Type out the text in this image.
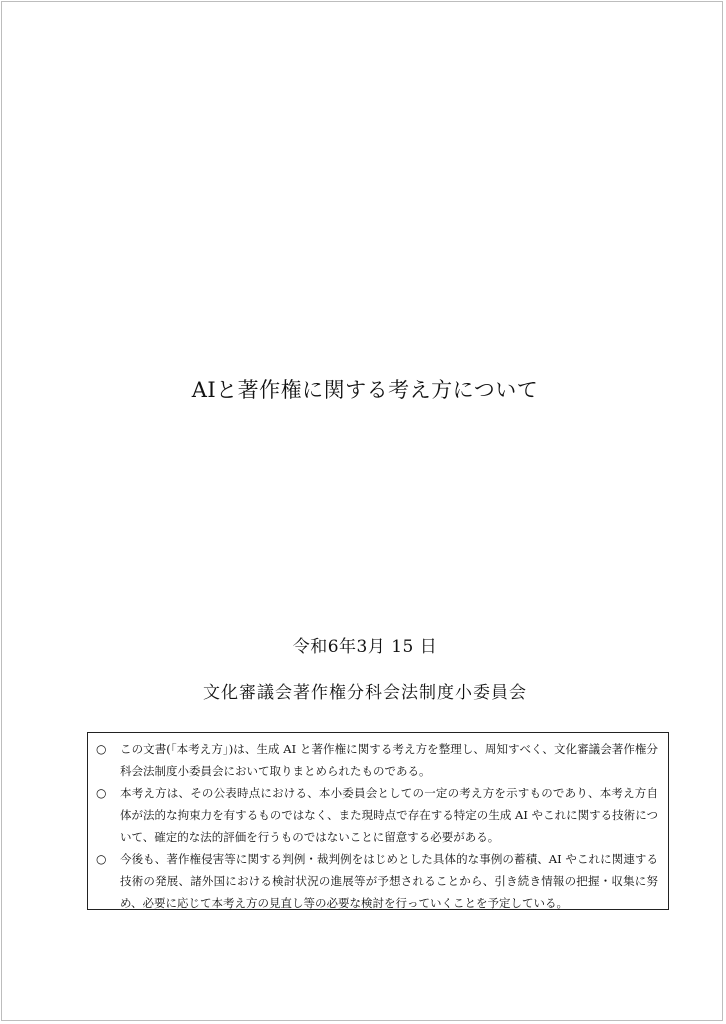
AIと著作権に関する考え方について
令和6年3月 15 日
文化審議会著作権分科会法制度小委員会
○	この文書(「本考え方」)は、生成 AI と著作権に関する考え方を整理し、周知すべく、文化審議会著作権分科会法制度小委員会において取りまとめられたものである。
○	本考え方は、その公表時点における、本小委員会としての一定の考え方を示すものであり、本考え方自体が法的な拘束力を有するものではなく、また現時点で存在する特定の生成 AI やこれに関する技術について、確定的な法的評価を行うものではないことに留意する必要がある。
○	今後も、著作権侵害等に関する判例・裁判例をはじめとした具体的な事例の蓄積、AI やこれに関連する技術の発展、諸外国における検討状況の進展等が予想されることから、引き続き情報の把握・収集に努め、必要に応じて本考え方の見直し等の必要な検討を行っていくことを予定している。
